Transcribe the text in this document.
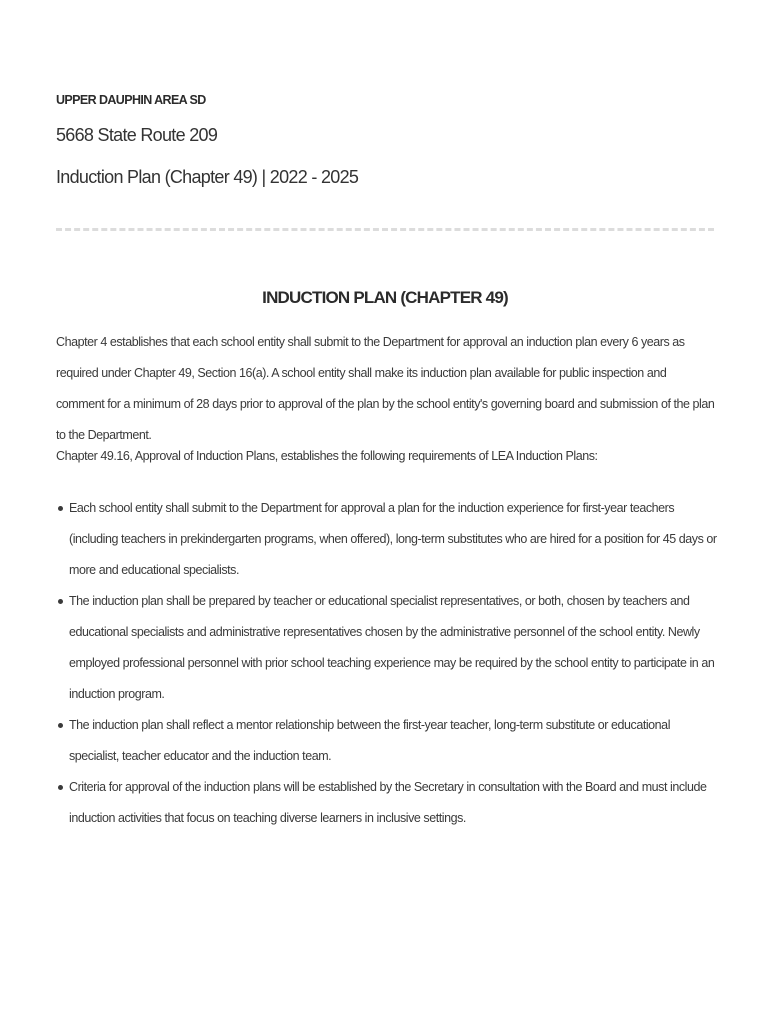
UPPER DAUPHIN AREA SD
5668 State Route 209
Induction Plan (Chapter 49) | 2022 - 2025
INDUCTION PLAN (CHAPTER 49)

Chapter 4 establishes that each school entity shall submit to the Department for approval an induction plan every 6 years as required under Chapter 49, Section 16(a). A school entity shall make its induction plan available for public inspection and comment for a minimum of 28 days prior to approval of the plan by the school entity's governing board and submission of the plan to the Department.

Chapter 49.16, Approval of Induction Plans, establishes the following requirements of LEA Induction Plans:

Each school entity shall submit to the Department for approval a plan for the induction experience for first-year teachers (including teachers in prekindergarten programs, when offered), long-term substitutes who are hired for a position for 45 days or more and educational specialists.
The induction plan shall be prepared by teacher or educational specialist representatives, or both, chosen by teachers and educational specialists and administrative representatives chosen by the administrative personnel of the school entity. Newly employed professional personnel with prior school teaching experience may be required by the school entity to participate in an induction program.
The induction plan shall reflect a mentor relationship between the first-year teacher, long-term substitute or educational specialist, teacher educator and the induction team.
Criteria for approval of the induction plans will be established by the Secretary in consultation with the Board and must include induction activities that focus on teaching diverse learners in inclusive settings.
